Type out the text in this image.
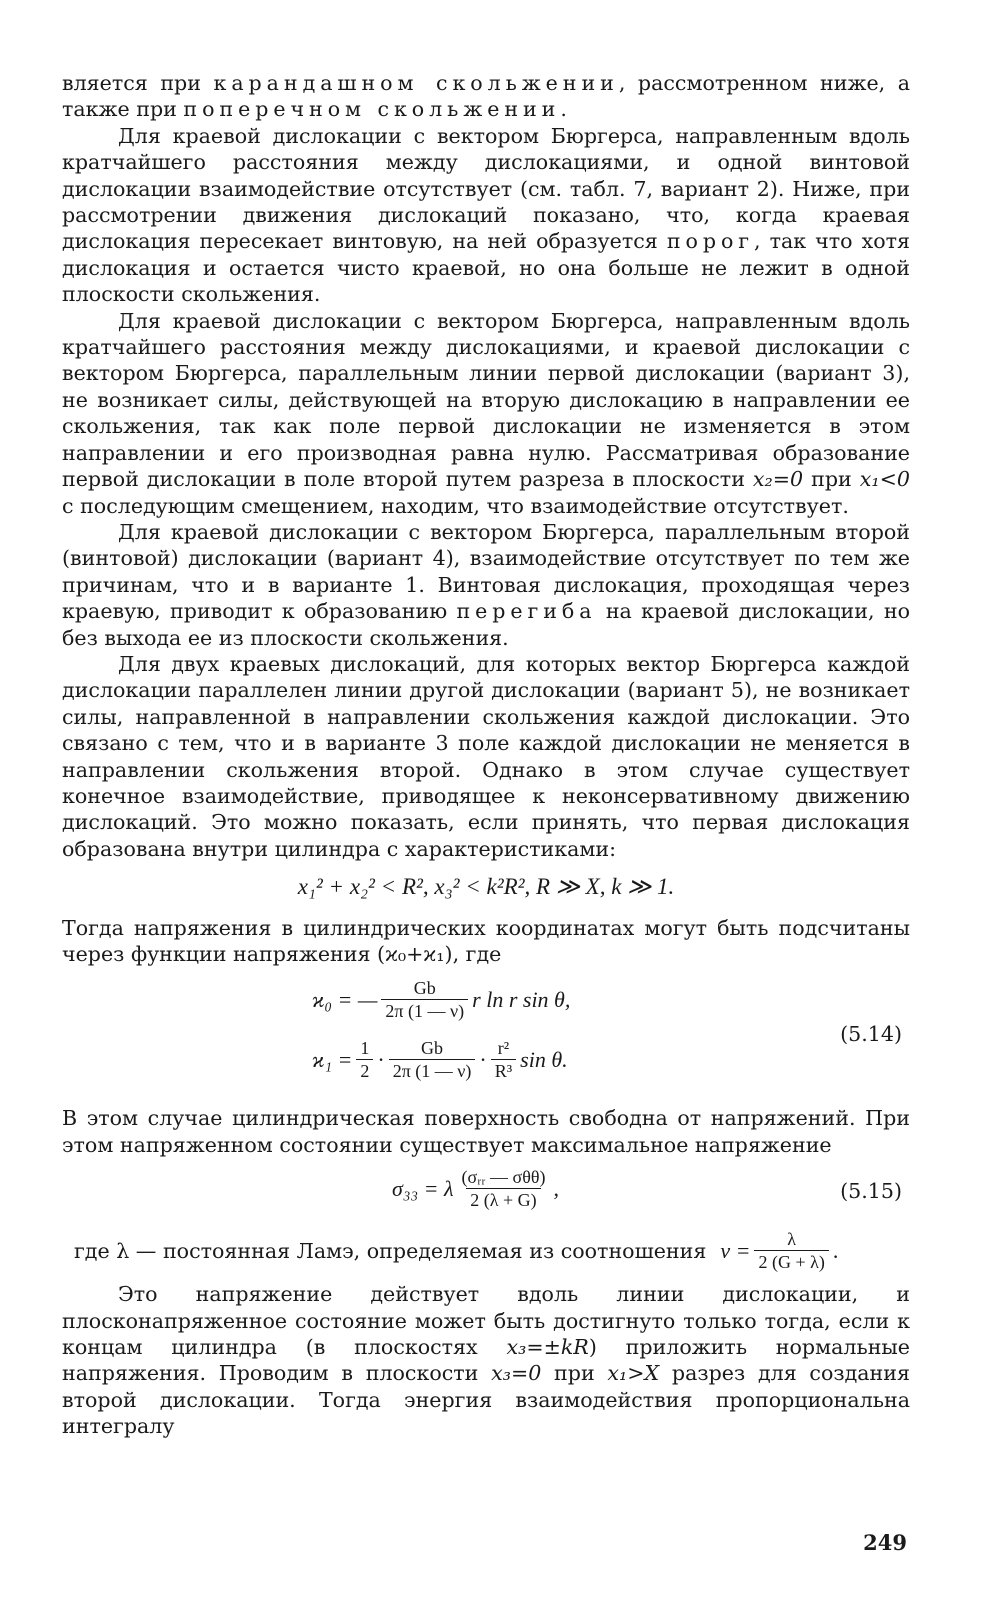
вляется при карандашном скольжении, рассмотренном ниже, а также при поперечном скольжении.

Для краевой дислокации с вектором Бюргерса, направленным вдоль кратчайшего расстояния между дислокациями, и одной винтовой дислокации взаимодействие отсутствует (см. табл. 7, вариант 2). Ниже, при рассмотрении движения дислокаций показано, что, когда краевая дислокация пересекает винтовую, на ней образуется порог, так что хотя дислокация и остается чисто краевой, но она больше не лежит в одной плоскости скольжения.

Для краевой дислокации с вектором Бюргерса, направленным вдоль кратчайшего расстояния между дислокациями, и краевой дислокации с вектором Бюргерса, параллельным линии первой дислокации (вариант 3), не возникает силы, действующей на вторую дислокацию в направлении ее скольжения, так как поле первой дислокации не изменяется в этом направлении и его производная равна нулю. Рассматривая образование первой дислокации в поле второй путем разреза в плоскости x₂=0 при x₁<0 с последующим смещением, находим, что взаимодействие отсутствует.

Для краевой дислокации с вектором Бюргерса, параллельным второй (винтовой) дислокации (вариант 4), взаимодействие отсутствует по тем же причинам, что и в варианте 1. Винтовая дислокация, проходящая через краевую, приводит к образованию перегиба на краевой дислокации, но без выхода ее из плоскости скольжения.

Для двух краевых дислокаций, для которых вектор Бюргерса каждой дислокации параллелен линии другой дислокации (вариант 5), не возникает силы, направленной в направлении скольжения каждой дислокации. Это связано с тем, что и в варианте 3 поле каждой дислокации не меняется в направлении скольжения второй. Однако в этом случае существует конечное взаимодействие, приводящее к неконсервативному движению дислокаций. Это можно показать, если принять, что первая дислокация образована внутри цилиндра с характеристиками:

x₁² + x₂² < R², x₃² < k²R², R ≫ X, k ≫ 1.

Тогда напряжения в цилиндрических координатах могут быть подсчитаны через функции напряжения (ϰ₀+ϰ₁), где

ϰ₀ = — $\frac{Gb}{2\pi (1 — \nu)}$ r ln r sin θ,
$ϰ_1 = \frac{1}{2} \cdot \frac{Gb}{2\pi (1 — \nu)} \cdot \frac{\text{r²}}{\text{R³}}$ sin θ.
(5.14)

В этом случае цилиндрическая поверхность свободна от напряжений. При этом напряженном состоянии существует максимальное напряжение

σ₃₃ = λ $\frac{\text{(σᵣᵣ — σθθ)}}{2 (\lambda + G)}$ ,	(5.15)

где λ — постоянная Ламэ, определяемая из соотношения $\nu = \frac{\lambda}{2 (G + \lambda)}$ .

Это напряжение действует вдоль линии дислокации, и плосконапряженное состояние может быть достигнуто только тогда, если к концам цилиндра (в плоскостях x₃=±kR) приложить нормальные напряжения. Проводим в плоскости x₃=0 при x₁>X разрез для создания второй дислокации. Тогда энергия взаимодействия пропорциональна интегралу

249
